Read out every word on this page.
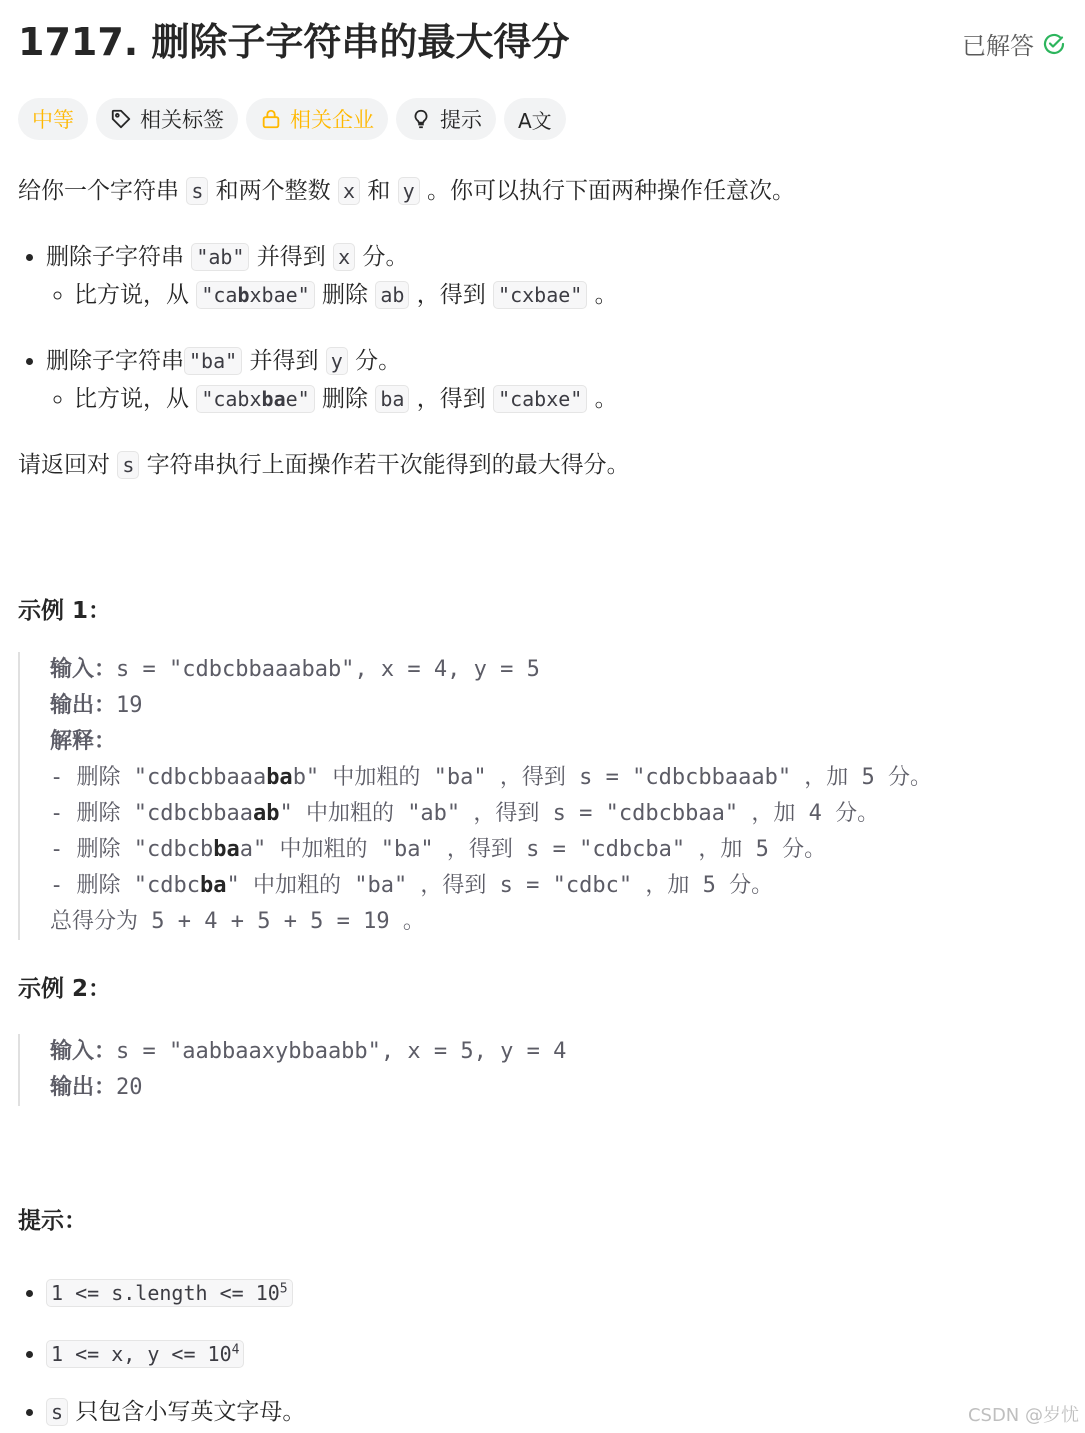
1717. 删除子字符串的最大得分	已解答
中等	相关标签	相关企业	提示 A文

给你一个字符串 s 和两个整数 x 和 y 。你可以执行下面两种操作任意次。

• 删除子字符串 "ab" 并得到 x 分。
◦ 比方说，从 "cabxbae" 删除 ab ，得到 "cxbae" 。
• 删除子字符串 "ba" 并得到 y 分。
◦ 比方说，从 "cabxbae" 删除 ba ，得到 "cabxe" 。

请返回对 s 字符串执行上面操作若干次能得到的最大得分。

示例 1：

输入：s = "cdbcbbaaabab", x = 4, y = 5
输出：19
解释：
- 删除 "cdbcbbaaabab" 中加粗的 "ba" ，得到 s = "cdbcbbaaab" ，加 5 分。
- 删除 "cdbcbbaaab" 中加粗的 "ab" ，得到 s = "cdbcbbaa" ，加 4 分。
- 删除 "cdbcbbaa" 中加粗的 "ba" ，得到 s = "cdbcba" ，加 5 分。
- 删除 "cdbcba" 中加粗的 "ba" ，得到 s = "cdbc" ，加 5 分。
总得分为 5 + 4 + 5 + 5 = 19 。

示例 2：

输入：s = "aabbaaxybbaabb", x = 5, y = 4
输出：20

提示：

• 1 <= s.length <= $10^5$
• 1 <= x, $y <= 10^4$
• s 只包含小写英文字母。	CSDN @岁忧
